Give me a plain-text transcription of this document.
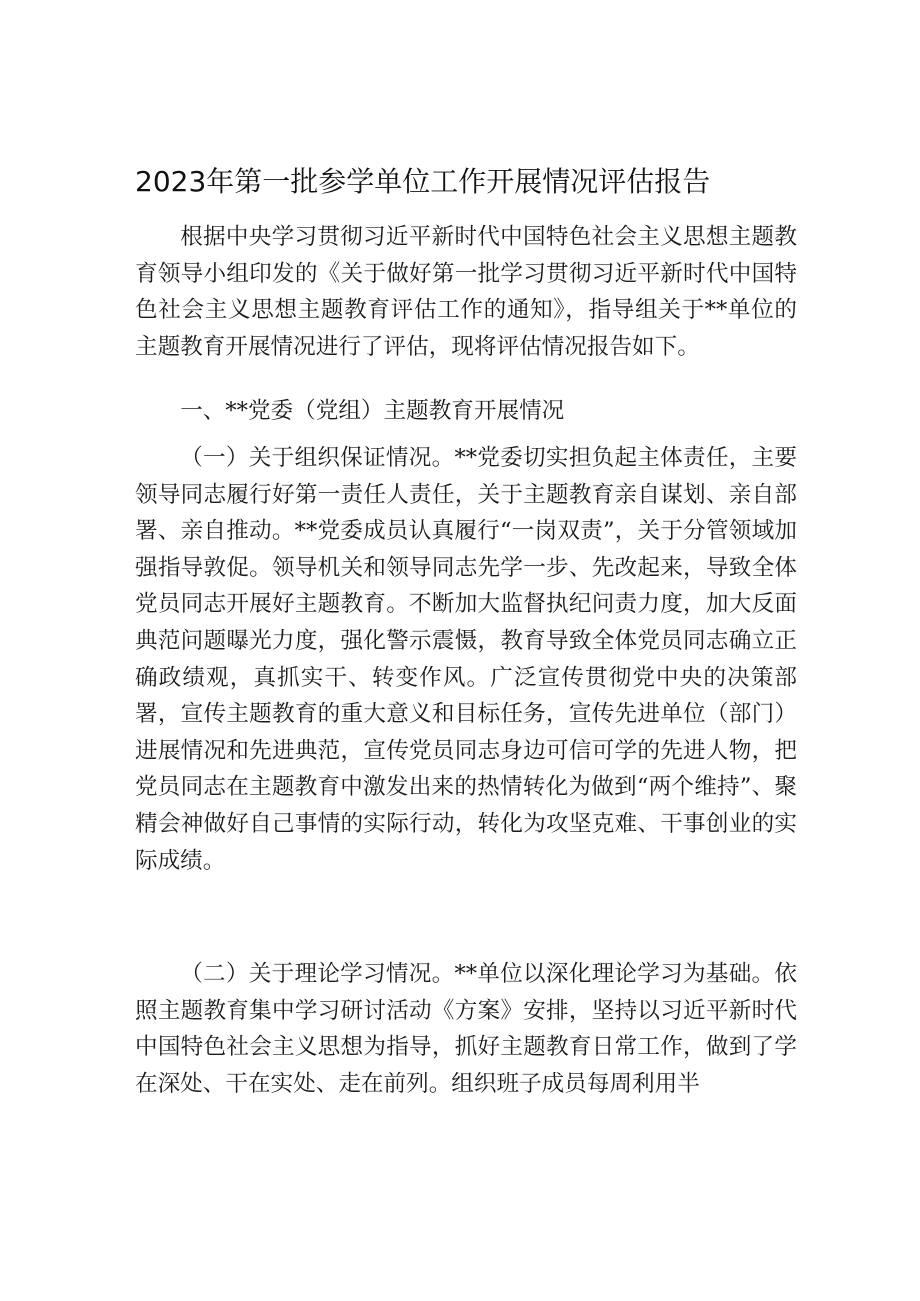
2023年第一批参学单位工作开展情况评估报告

根据中央学习贯彻习近平新时代中国特色社会主义思想主题教育领导小组印发的《关于做好第一批学习贯彻习近平新时代中国特色社会主义思想主题教育评估工作的通知》，指导组关于**单位的主题教育开展情况进行了评估，现将评估情况报告如下。

一、**党委（党组）主题教育开展情况

（一）关于组织保证情况。**党委切实担负起主体责任，主要领导同志履行好第一责任人责任，关于主题教育亲自谋划、亲自部署、亲自推动。**党委成员认真履行“一岗双责”，关于分管领域加强指导敦促。领导机关和领导同志先学一步、先改起来，导致全体党员同志开展好主题教育。不断加大监督执纪问责力度，加大反面典范问题曝光力度，强化警示震慑，教育导致全体党员同志确立正确政绩观，真抓实干、转变作风。广泛宣传贯彻党中央的决策部署，宣传主题教育的重大意义和目标任务，宣传先进单位（部门）进展情况和先进典范，宣传党员同志身边可信可学的先进人物，把党员同志在主题教育中激发出来的热情转化为做到“两个维持”、聚精会神做好自己事情的实际行动，转化为攻坚克难、干事创业的实际成绩。

（二）关于理论学习情况。**单位以深化理论学习为基础。依照主题教育集中学习研讨活动《方案》安排，坚持以习近平新时代中国特色社会主义思想为指导，抓好主题教育日常工作，做到了学在深处、干在实处、走在前列。组织班子成员每周利用半
